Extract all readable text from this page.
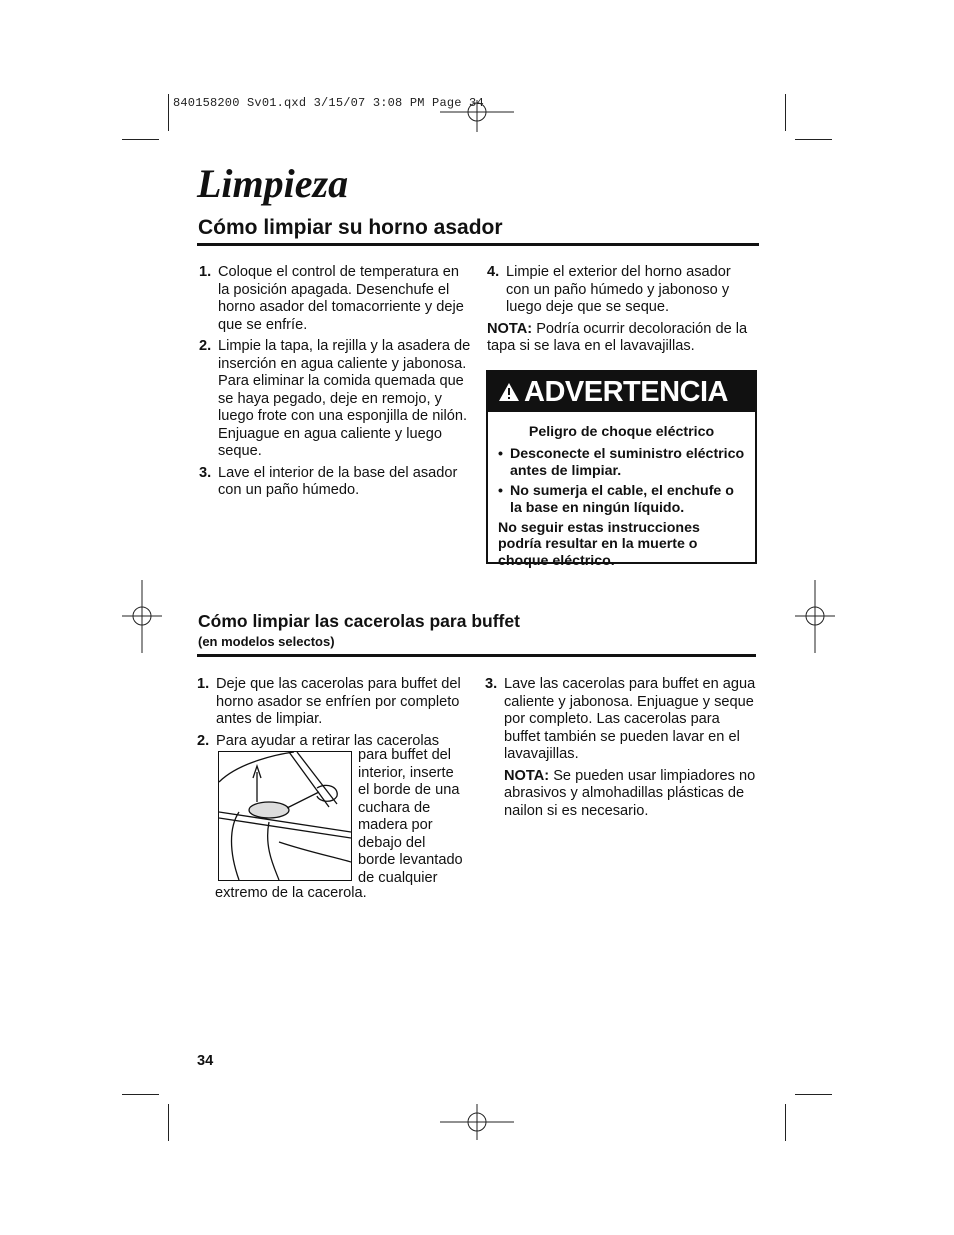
840158200 Sv01.qxd 3/15/07 3:08 PM Page 34
Limpieza
Cómo limpiar su horno asador
1. Coloque el control de temperatura en la posición apagada. Desenchufe el horno asador del tomacorriente y deje que se enfríe.
2. Limpie la tapa, la rejilla y la asadera de inserción en agua caliente y jabonosa. Para eliminar la comida quemada que se haya pegado, deje en remojo, y luego frote con una esponjilla de nilón. Enjuague en agua caliente y luego seque.
3. Lave el interior de la base del asador con un paño húmedo.
4. Limpie el exterior del horno asador con un paño húmedo y jabonoso y luego deje que se seque.
NOTA: Podría ocurrir decoloración de la tapa si se lava en el lavavajillas.
ADVERTENCIA
Peligro de choque eléctrico
• Desconecte el suministro eléctrico antes de limpiar.
• No sumerja el cable, el enchufe o la base en ningún líquido.
No seguir estas instrucciones podría resultar en la muerte o choque eléctrico.
Cómo limpiar las cacerolas para buffet
(en modelos selectos)
1. Deje que las cacerolas para buffet del horno asador se enfríen por completo antes de limpiar.
2. Para ayudar a retirar las cacerolas
para buffet del
interior, inserte
el borde de una
cuchara de
madera por
debajo del
borde levantado
de cualquier
extremo de la cacerola.
3. Lave las cacerolas para buffet en agua caliente y jabonosa. Enjuague y seque por completo. Las cacerolas para buffet también se pueden lavar en el lavavajillas.
NOTA: Se pueden usar limpiadores no abrasivos y almohadillas plásticas de nailon si es necesario.
34
